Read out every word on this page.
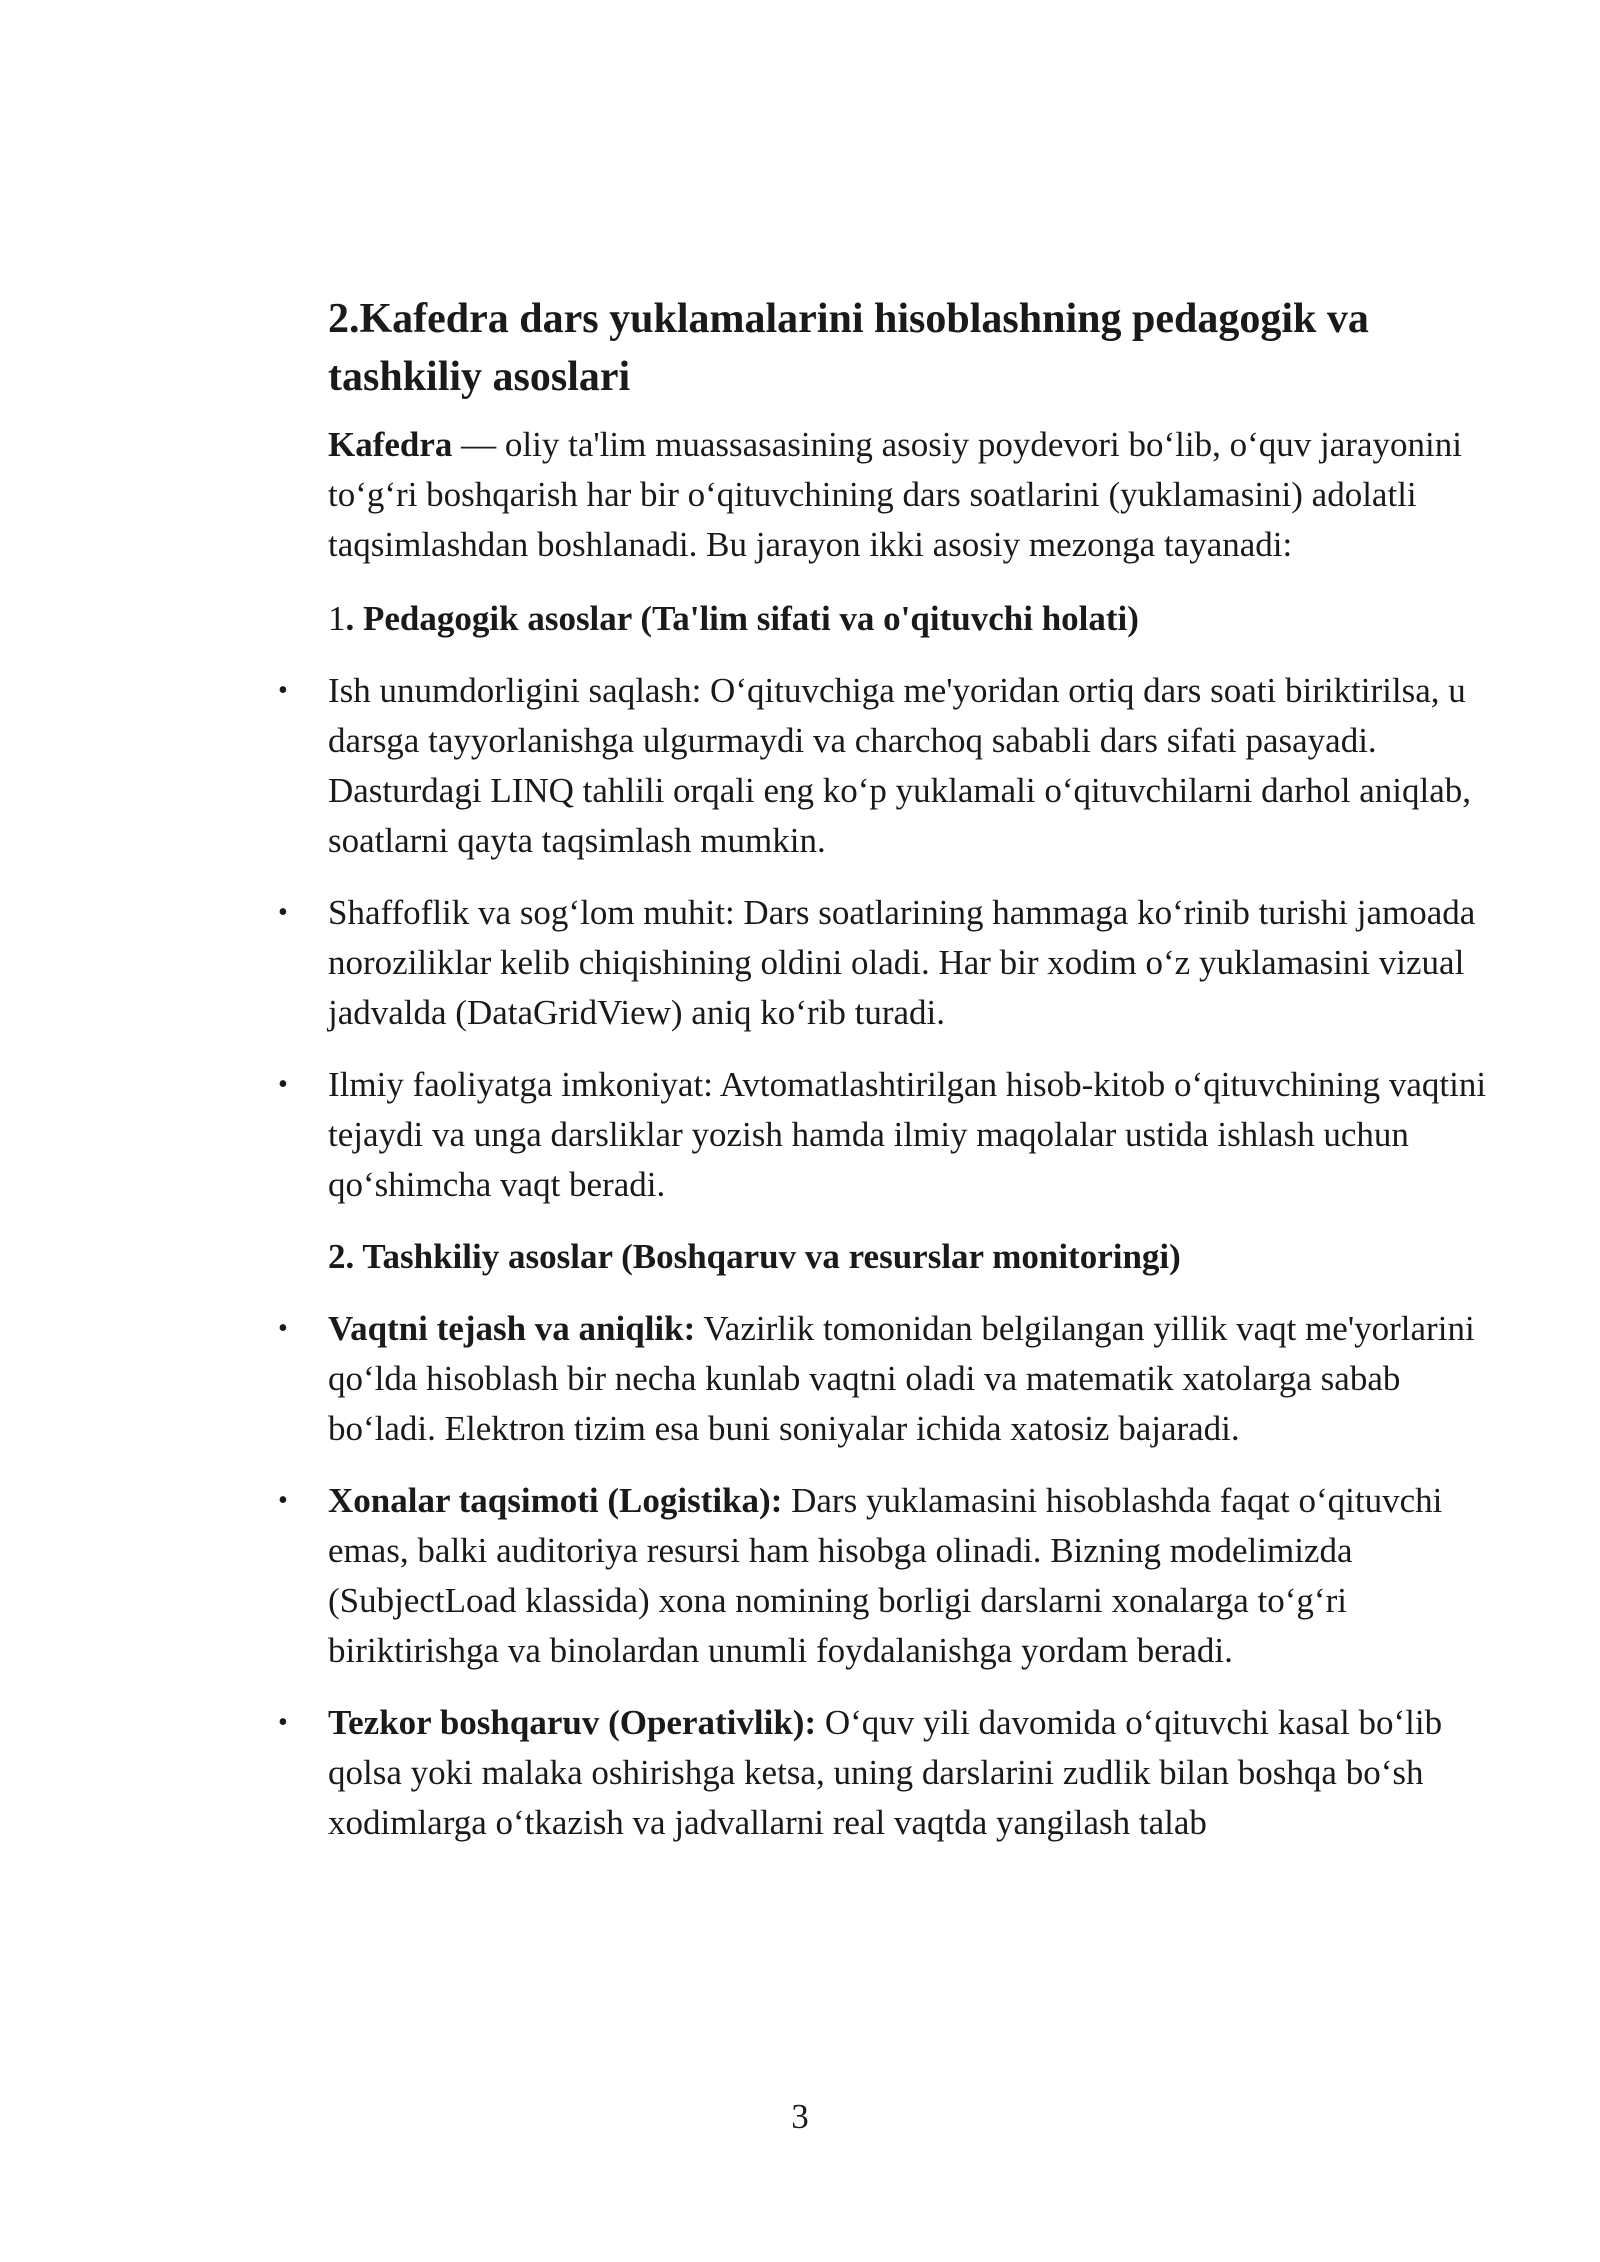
2.Kafedra dars yuklamalarini hisoblashning pedagogik va tashkiliy asoslari

Kafedra — oliy ta'lim muassasasining asosiy poydevori bo‘lib, o‘quv jarayonini to‘g‘ri boshqarish har bir o‘qituvchining dars soatlarini (yuklamasini) adolatli taqsimlashdan boshlanadi. Bu jarayon ikki asosiy mezonga tayanadi:

1. Pedagogik asoslar (Ta'lim sifati va o'qituvchi holati)

• Ish unumdorligini saqlash: O‘qituvchiga me'yoridan ortiq dars soati biriktirilsa, u darsga tayyorlanishga ulgurmaydi va charchoq sababli dars sifati pasayadi. Dasturdagi LINQ tahlili orqali eng ko‘p yuklamali o‘qituvchilarni darhol aniqlab, soatlarni qayta taqsimlash mumkin.
• Shaffoflik va sog‘lom muhit: Dars soatlarining hammaga ko‘rinib turishi jamoada noroziliklar kelib chiqishining oldini oladi. Har bir xodim o‘z yuklamasini vizual jadvalda (DataGridView) aniq ko‘rib turadi.
• Ilmiy faoliyatga imkoniyat: Avtomatlashtirilgan hisob-kitob o‘qituvchining vaqtini tejaydi va unga darsliklar yozish hamda ilmiy maqolalar ustida ishlash uchun qo‘shimcha vaqt beradi.

2. Tashkiliy asoslar (Boshqaruv va resurslar monitoringi)

• Vaqtni tejash va aniqlik: Vazirlik tomonidan belgilangan yillik vaqt me'yorlarini qo‘lda hisoblash bir necha kunlab vaqtni oladi va matematik xatolarga sabab bo‘ladi. Elektron tizim esa buni soniyalar ichida xatosiz bajaradi.
• Xonalar taqsimoti (Logistika): Dars yuklamasini hisoblashda faqat o‘qituvchi emas, balki auditoriya resursi ham hisobga olinadi. Bizning modelimizda (SubjectLoad klassida) xona nomining borligi darslarni xonalarga to‘g‘ri biriktirishga va binolardan unumli foydalanishga yordam beradi.
• Tezkor boshqaruv (Operativlik): O‘quv yili davomida o‘qituvchi kasal bo‘lib qolsa yoki malaka oshirishga ketsa, uning darslarini zudlik bilan boshqa bo‘sh xodimlarga o‘tkazish va jadvallarni real vaqtda yangilash talab
3
